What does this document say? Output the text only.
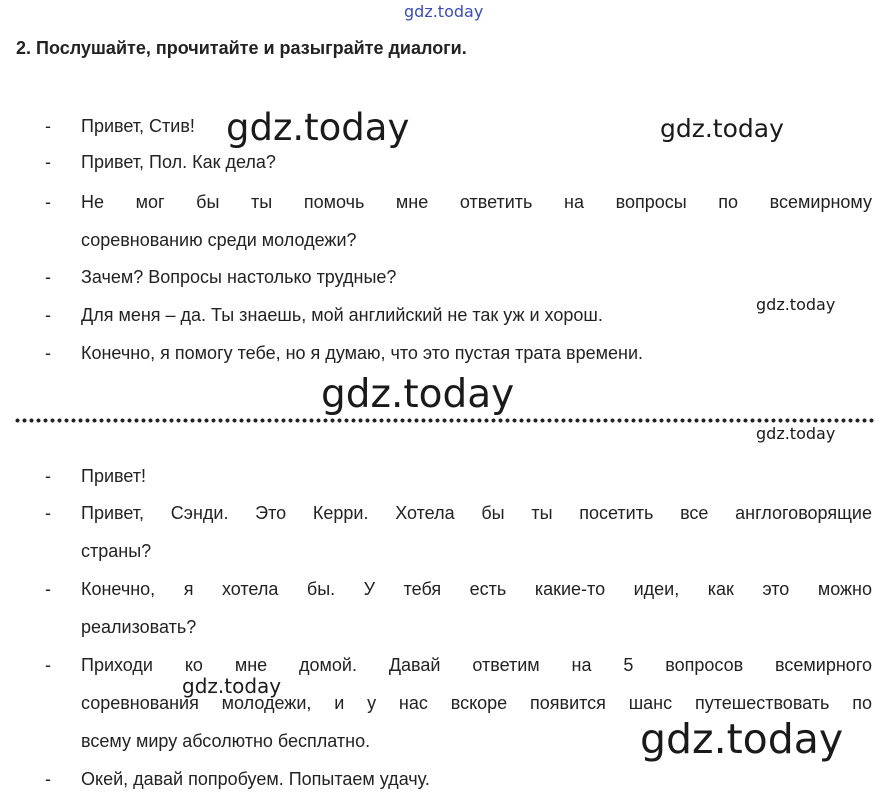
gdz.today
2. Послушайте, прочитайте и разыграйте диалоги.
- Привет, Стив!
- Привет, Пол. Как дела?
- Не мог бы ты помочь мне ответить на вопросы по всемирному
соревнованию среди молодежи?
- Зачем? Вопросы настолько трудные?
- Для меня – да. Ты знаешь, мой английский не так уж и хорош.
- Конечно, я помогу тебе, но я думаю, что это пустая трата времени.
- Привет!
- Привет, Сэнди. Это Керри. Хотела бы ты посетить все англоговорящие
страны?
- Конечно, я хотела бы. У тебя есть какие-то идеи, как это можно
реализовать?
- Приходи ко мне домой. Давай ответим на 5 вопросов всемирного
соревнования молодежи, и у нас вскоре появится шанс путешествовать по
всему миру абсолютно бесплатно.
- Окей, давай попробуем. Попытаем удачу.
gdz.today	gdz.today
gdz.today
gdz.today
gdz.today
gdz.today
gdz.today
